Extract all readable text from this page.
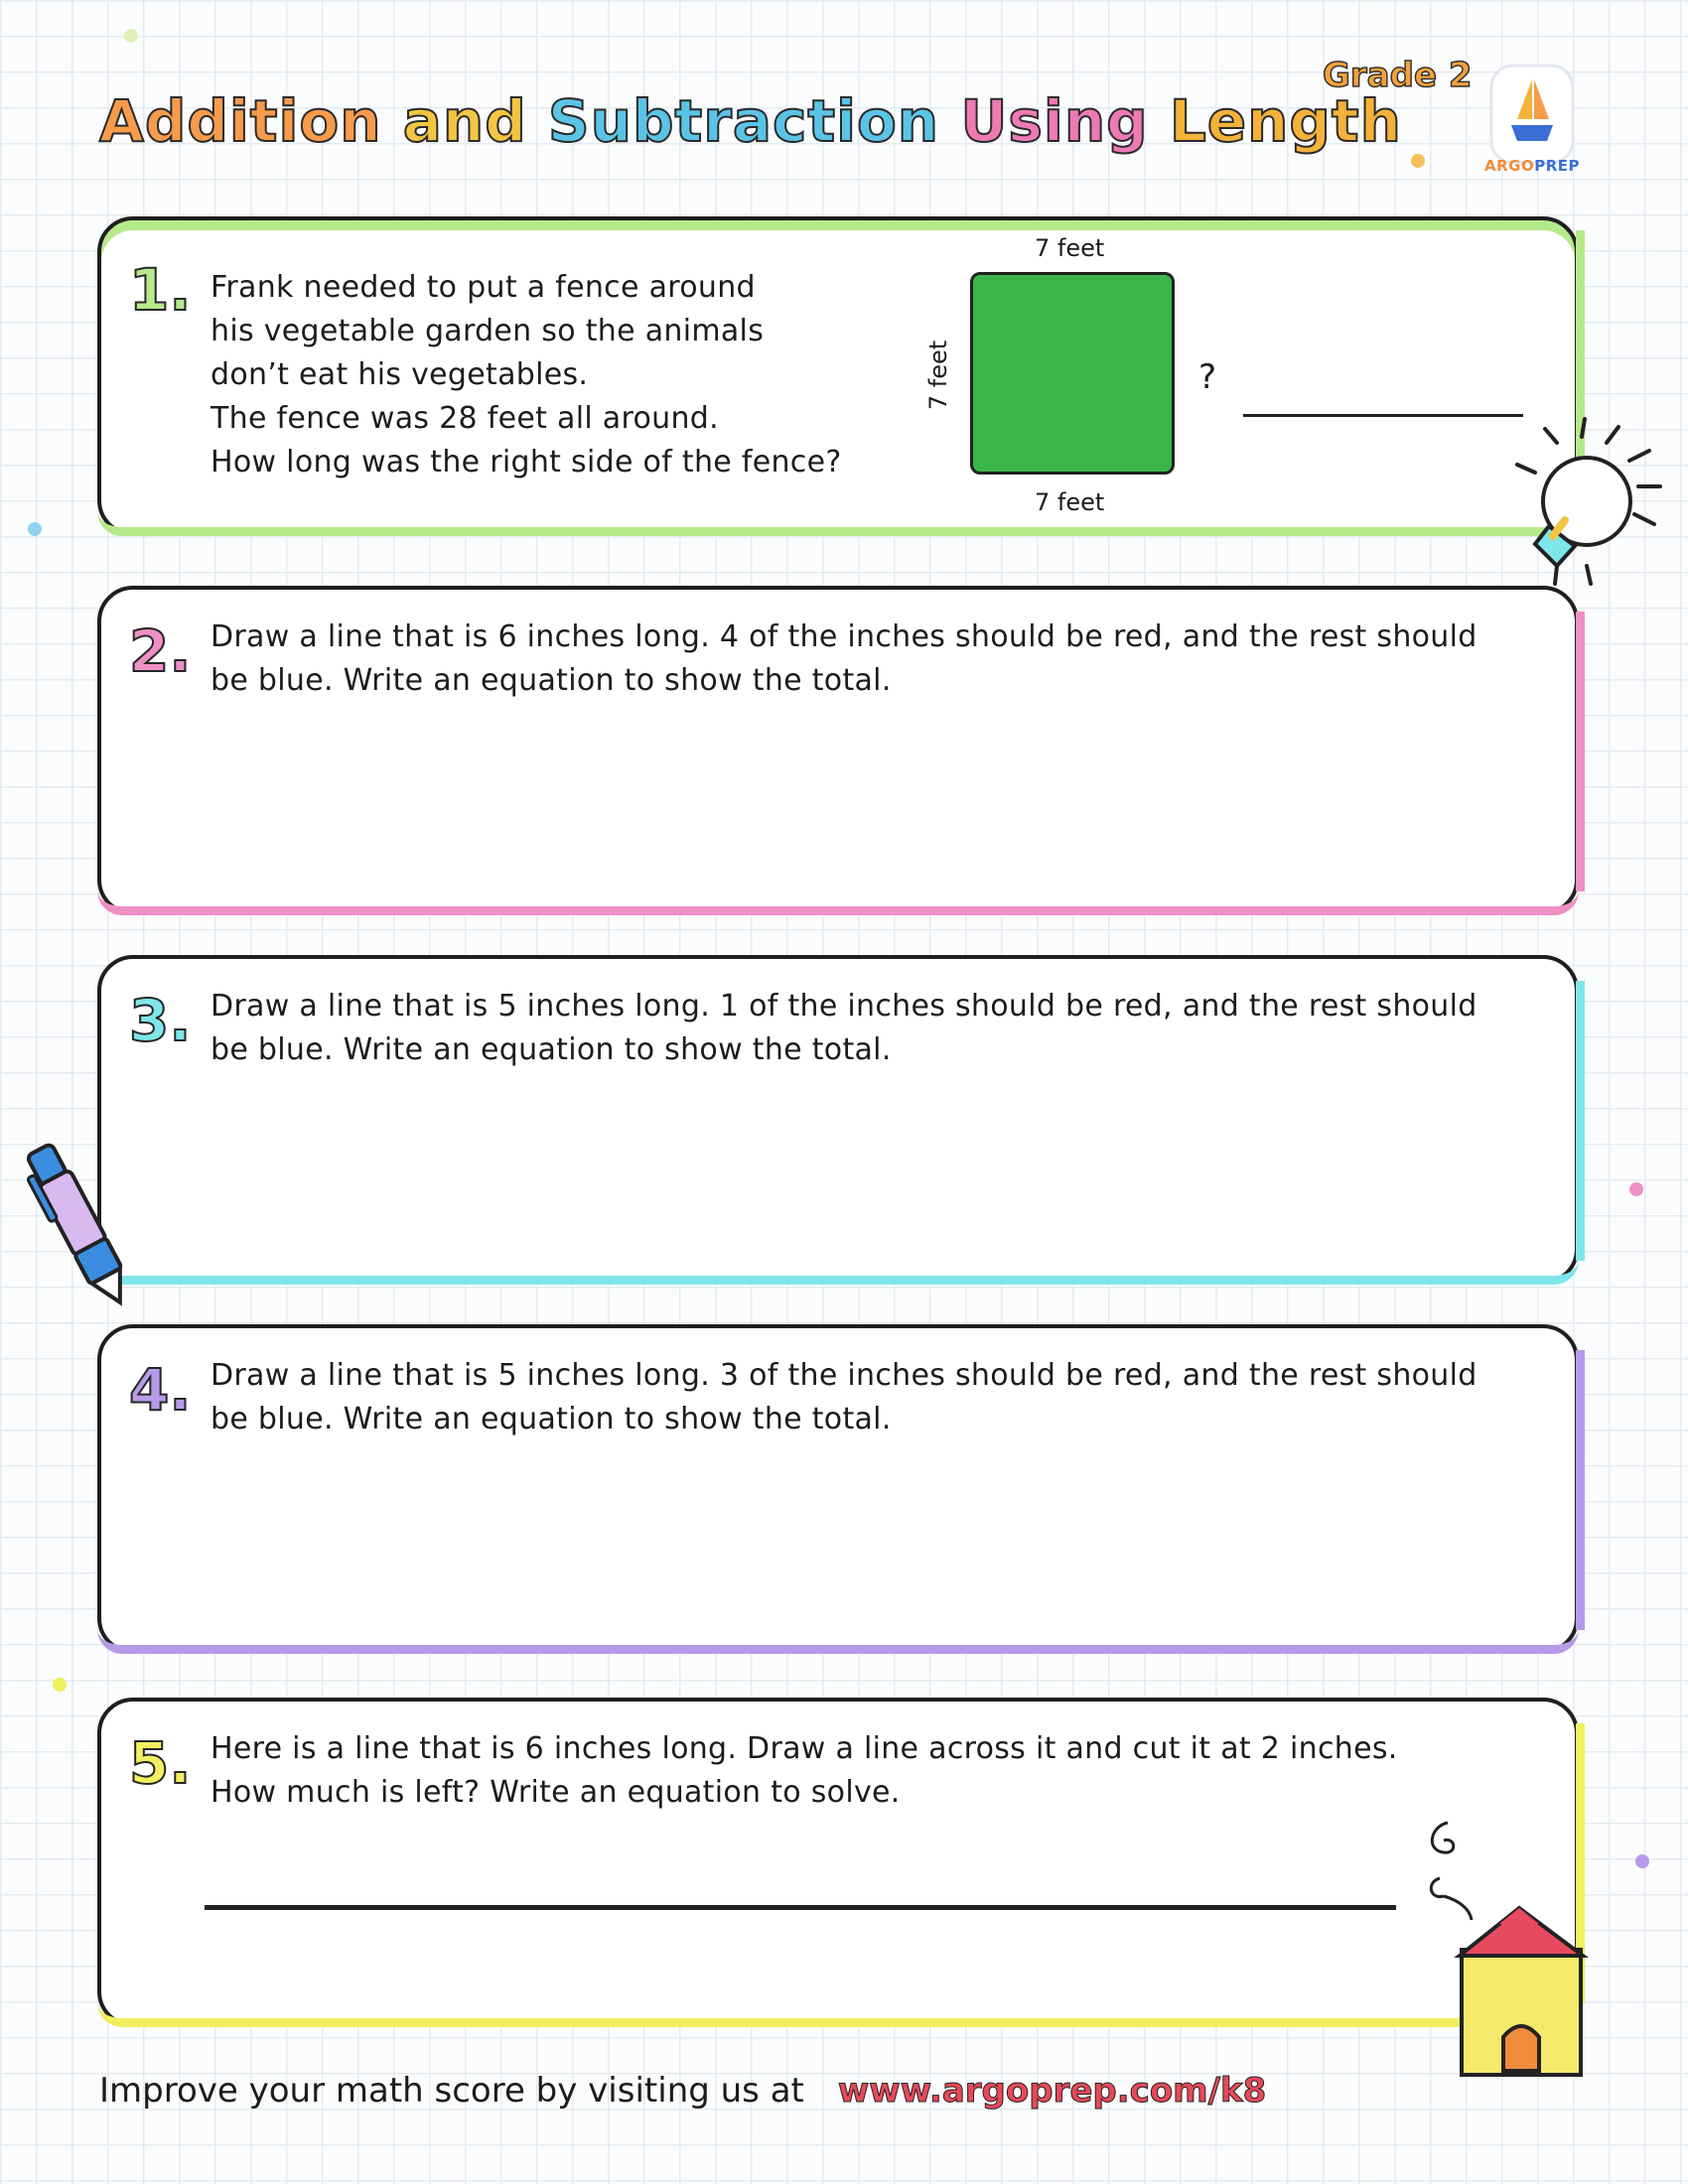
Addition and Subtraction Using Length
Grade 2
ARGOPREP
1. Frank needed to put a fence around

his vegetable garden so the animals

don’t eat his vegetables.

The fence was 28 feet all around.

How long was the right side of the fence?

7 feet
7 feet
7 feet
?
2. Draw a line that is 6 inches long. 4 of the inches should be red, and the rest should

be blue. Write an equation to show the total.

3. Draw a line that is 5 inches long. 1 of the inches should be red, and the rest should

be blue. Write an equation to show the total.

4. Draw a line that is 5 inches long. 3 of the inches should be red, and the rest should

be blue. Write an equation to show the total.

5. Here is a line that is 6 inches long. Draw a line across it and cut it at 2 inches.

How much is left? Write an equation to solve.

Improve your math score by visiting us at www.argoprep.com/k8
